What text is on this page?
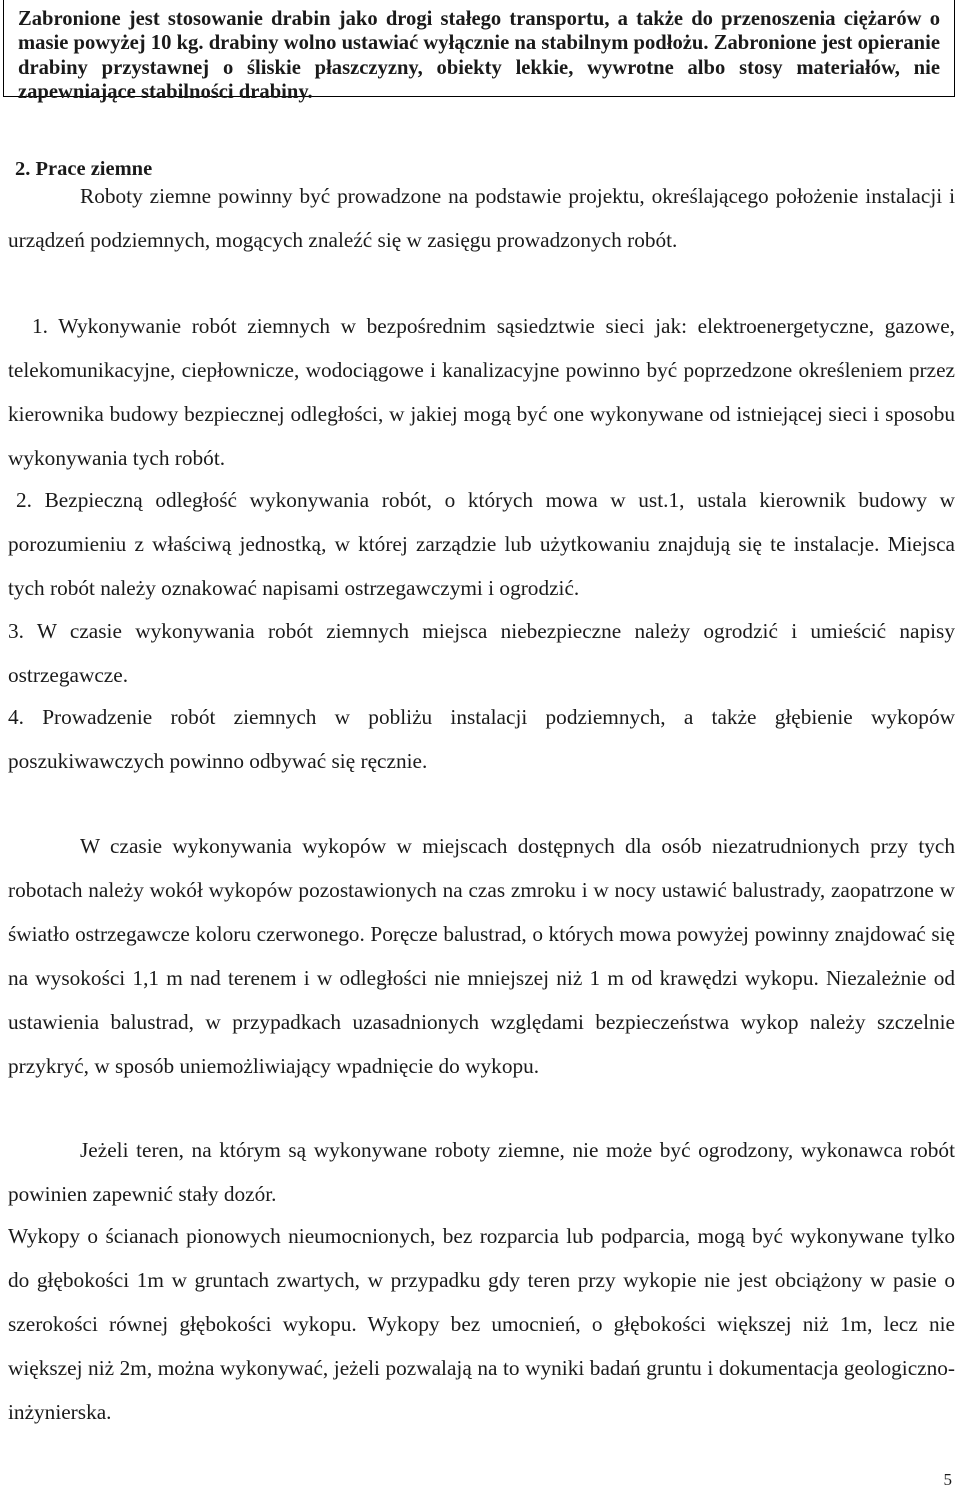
Zabronione jest stosowanie drabin jako drogi stałego transportu, a także do przenoszenia ciężarów o masie powyżej 10 kg. drabiny wolno ustawiać wyłącznie na stabilnym podłożu. Zabronione jest opieranie drabiny przystawnej o śliskie płaszczyzny, obiekty lekkie, wywrotne albo stosy materiałów, nie zapewniające stabilności drabiny.
2. Prace ziemne

Roboty ziemne powinny być prowadzone na podstawie projektu, określającego położenie instalacji i urządzeń podziemnych, mogących znaleźć się w zasięgu prowadzonych robót.

1. Wykonywanie robót ziemnych w bezpośrednim sąsiedztwie sieci jak: elektroenergetyczne, gazowe, telekomunikacyjne, ciepłownicze, wodociągowe i kanalizacyjne powinno być poprzedzone określeniem przez kierownika budowy bezpiecznej odległości, w jakiej mogą być one wykonywane od istniejącej sieci i sposobu wykonywania tych robót.

2. Bezpieczną odległość wykonywania robót, o których mowa w ust.1, ustala kierownik budowy w porozumieniu z właściwą jednostką, w której zarządzie lub użytkowaniu znajdują się te instalacje. Miejsca tych robót należy oznakować napisami ostrzegawczymi i ogrodzić.

3. W czasie wykonywania robót ziemnych miejsca niebezpieczne należy ogrodzić i umieścić napisy ostrzegawcze.

4. Prowadzenie robót ziemnych w pobliżu instalacji podziemnych, a także głębienie wykopów poszukiwawczych powinno odbywać się ręcznie.

W czasie wykonywania wykopów w miejscach dostępnych dla osób niezatrudnionych przy tych robotach należy wokół wykopów pozostawionych na czas zmroku i w nocy ustawić balustrady, zaopatrzone w światło ostrzegawcze koloru czerwonego. Poręcze balustrad, o których mowa powyżej powinny znajdować się na wysokości 1,1 m nad terenem i w odległości nie mniejszej niż 1 m od krawędzi wykopu. Niezależnie od ustawienia balustrad, w przypadkach uzasadnionych względami bezpieczeństwa wykop należy szczelnie przykryć, w sposób uniemożliwiający wpadnięcie do wykopu.

Jeżeli teren, na którym są wykonywane roboty ziemne, nie może być ogrodzony, wykonawca robót powinien zapewnić stały dozór.

Wykopy o ścianach pionowych nieumocnionych, bez rozparcia lub podparcia, mogą być wykonywane tylko do głębokości 1m w gruntach zwartych, w przypadku gdy teren przy wykopie nie jest obciążony w pasie o szerokości równej głębokości wykopu. Wykopy bez umocnień, o głębokości większej niż 1m, lecz nie większej niż 2m, można wykonywać, jeżeli pozwalają na to wyniki badań gruntu i dokumentacja geologiczno-inżynierska.

5
